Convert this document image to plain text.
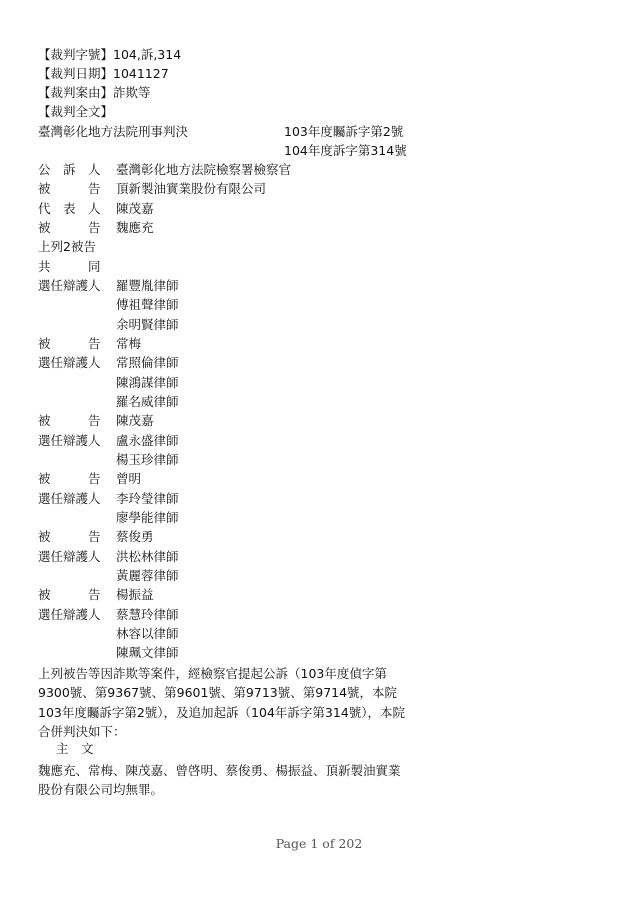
【裁判字號】104,訴,314
【裁判日期】1041127
【裁判案由】詐欺等
【裁判全文】
臺灣彰化地方法院刑事判決	103年度矚訴字第2號
104年度訴字第314號
公　訴　人 臺灣彰化地方法院檢察署檢察官
被　　　告 頂新製油實業股份有限公司
代　表　人 陳茂嘉
被　　　告 魏應充
上列2被告
共　　　同
選任辯護人 羅豐胤律師
傅祖聲律師
余明賢律師
被　　　告 常梅
選任辯護人 常照倫律師
陳鴻謀律師
羅名威律師
被　　　告 陳茂嘉
選任辯護人 盧永盛律師
楊玉珍律師
被　　　告 曾明
選任辯護人 李玲瑩律師
廖學能律師
被　　　告 蔡俊勇
選任辯護人 洪松林律師
黃麗蓉律師
被　　　告 楊振益
選任辯護人 蔡慧玲律師
林容以律師
陳珮文律師
上列被告等因詐欺等案件，經檢察官提起公訴（103年度偵字第9300號、第9367號、第9601號、第9713號、第9714號，本院103年度矚訴字第2號），及追加起訴（104年訴字第314號），本院合併判決如下：
主　文
魏應充、常梅、陳茂嘉、曾啓明、蔡俊勇、楊振益、頂新製油實業股份有限公司均無罪。
Page 1 of 202
